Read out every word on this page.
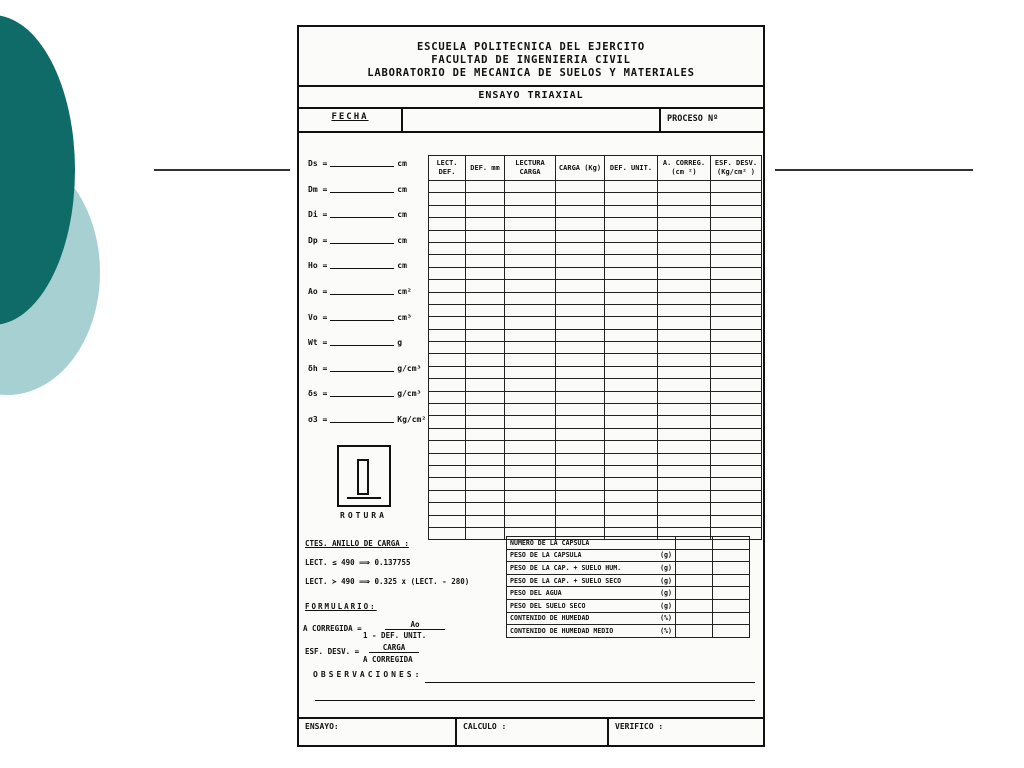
ESCUELA POLITECNICA DEL EJERCITO
FACULTAD DE INGENIERIA CIVIL
LABORATORIO DE MECANICA DE SUELOS Y MATERIALES
ENSAYO TRIAXIAL
FECHA	PROCESO Nº
Ds =	cm
Dm =	cm
Di =	cm
Dp =	cm
Ho =	cm
Ao =	cm²
Vo =	cm³
Wt =	g
δh =	g/cm³
δs =	g/cm³
σ3 =	Kg/cm²
LECT. DEF.	DEF. mm	LECTURA CARGA	CARGA (Kg)	DEF. UNIT.	A. CORREG. (cm ²)	ESF. DESV. (Kg/cm² )

ROTURA
CTES. ANILLO DE CARGA :
LECT. ≤ 490 ⟹ 0.137755
LECT. ≻ 490 ⟹ 0.325 x (LECT. - 280)
FORMULARIO:
A CORREGIDA =	Ao
1 - DEF. UNIT.
ESF. DESV. =	CARGA
A CORREGIDA
NUMERO DE LA CAPSULA

PESO DE LA CAPSULA (g)		

PESO DE LA CAP. + SUELO HUM. (g)		

PESO DE LA CAP. + SUELO SECO (g)		

PESO DEL AGUA (g)		

PESO DEL SUELO SECO (g)		

CONTENIDO DE HUMEDAD (%)		

CONTENIDO DE HUMEDAD MEDIO (%)		

OBSERVACIONES:
ENSAYO:	CALCULO :	VERIFICO :
